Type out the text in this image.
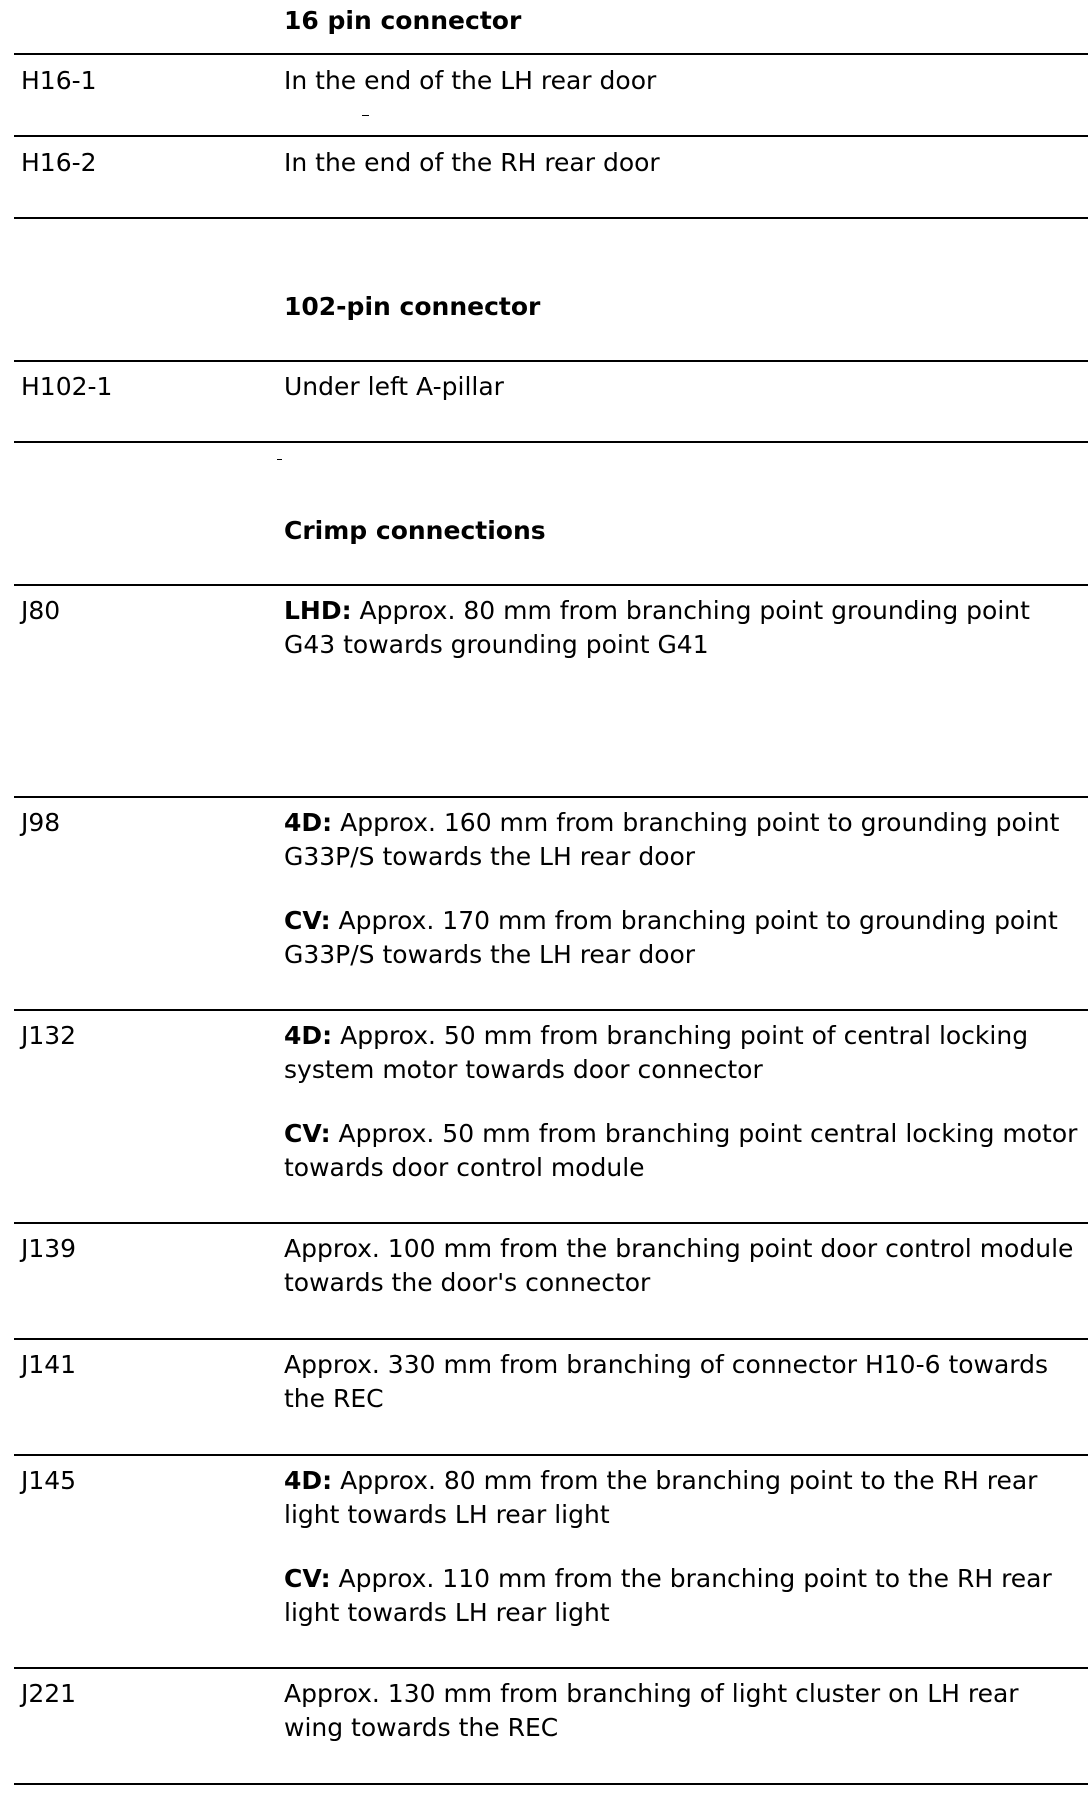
16 pin connector
H16-1	In the end of the LH rear door

H16-2	In the end of the RH rear door

102-pin connector
H102-1	Under left A-pillar

Crimp connections
J80	LHD: Approx. 80 mm from branching point grounding point G43 towards grounding point G41

J98	4D: Approx. 160 mm from branching point to grounding point G33P/S towards the LH rear door

CV: Approx. 170 mm from branching point to grounding point G33P/S towards the LH rear door

J132	4D: Approx. 50 mm from branching point of central locking system motor towards door connector

CV: Approx. 50 mm from branching point central locking motor towards door control module

J139	Approx. 100 mm from the branching point door control module towards the door's connector

J141	Approx. 330 mm from branching of connector H10-6 towards the REC

J145	4D: Approx. 80 mm from the branching point to the RH rear light towards LH rear light

CV: Approx. 110 mm from the branching point to the RH rear light towards LH rear light

J221	Approx. 130 mm from branching of light cluster on LH rear wing towards the REC
